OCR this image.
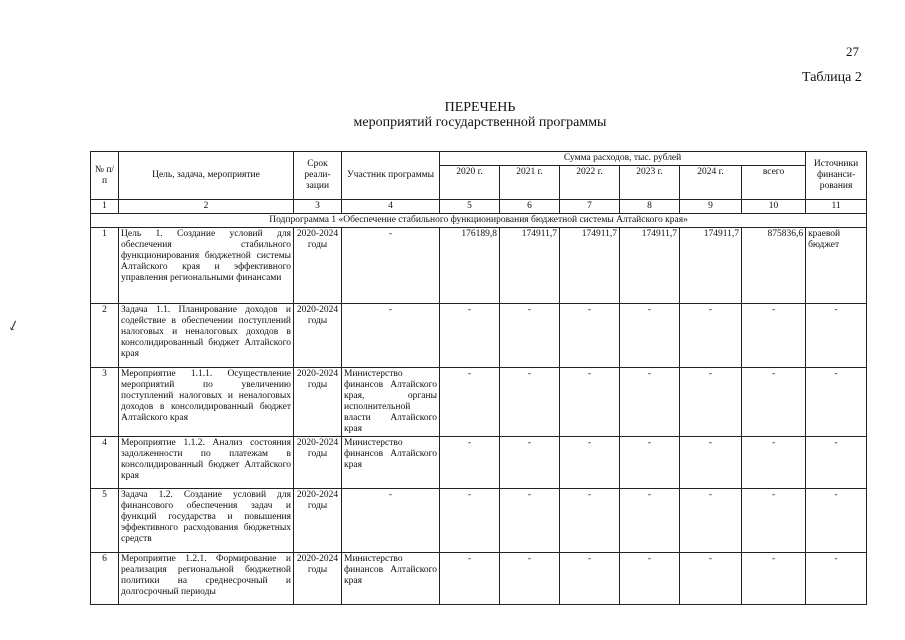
27
Таблица 2
ПЕРЕЧЕНЬ
мероприятий государственной программы
↙
№ п/п	Цель, задача, мероприятие	Срок реали-зации	Участник программы	Сумма расходов, тыс. рублей						Источники финанси-рования
				2020 г.	2021 г.	2022 г.	2023 г.	2024 г.	всего	
1	2	3	4	5	6	7	8	9	10	11
Подпрограмма 1 «Обеспечение стабильного функционирования бюджетной системы Алтайского края»										
1	Цель 1. Создание условий для обеспечения стабильного функционирования бюджетной системы Алтайского края и эффективного управления региональными финансами	2020-2024 годы	-	176189,8	174911,7	174911,7	174911,7	174911,7	875836,6	краевой бюджет
2	Задача 1.1. Планирование доходов и содействие в обеспечении поступлений налоговых и неналоговых доходов в консолидированный бюджет Алтайского края	2020-2024 годы	-	-	-	-	-	-	-	-
3	Мероприятие 1.1.1. Осуществление мероприятий по увеличению поступлений налоговых и неналоговых доходов в консолидированный бюджет Алтайского края	2020-2024 годы	Министерство финансов Алтайского края, органы исполнительной власти Алтайского края	-	-	-	-	-	-	-
4	Мероприятие 1.1.2. Анализ состояния задолженности по платежам в консолидированный бюджет Алтайского края	2020-2024 годы	Министерство финансов Алтайского края	-	-	-	-	-	-	-
5	Задача 1.2. Создание условий для финансового обеспечения задач и функций государства и повышения эффективного расходования бюджетных средств	2020-2024 годы	-	-	-	-	-	-	-	-
6	Мероприятие 1.2.1. Формирование и реализация региональной бюджетной политики на среднесрочный и долгосрочный периоды	2020-2024 годы	Министерство финансов Алтайского края	-	-	-	-	-	-	-
